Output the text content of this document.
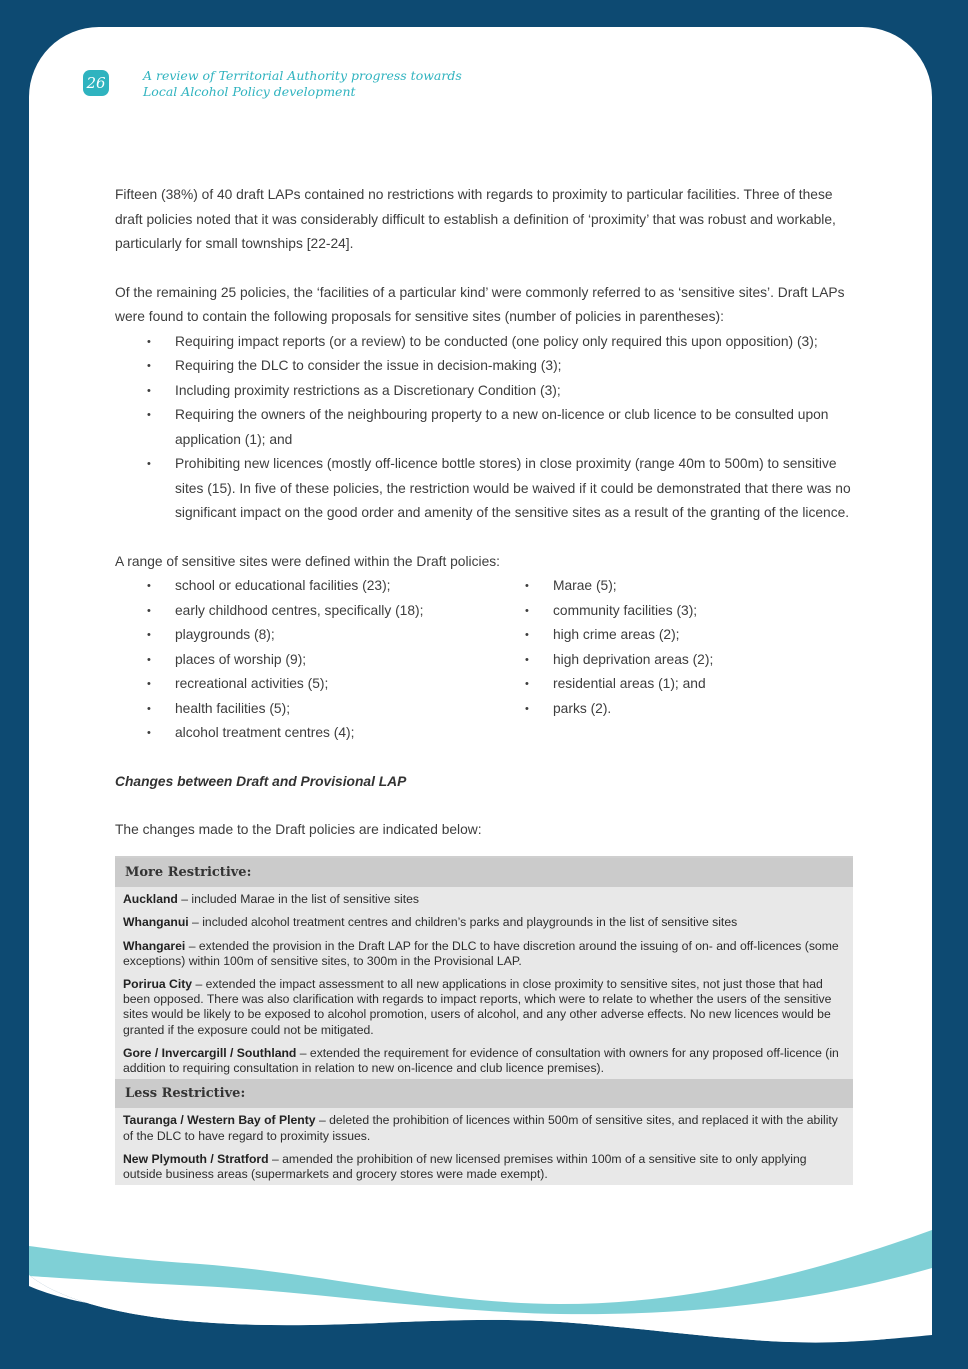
26	A review of Territorial Authority progress towards
Local Alcohol Policy development

Fifteen (38%) of 40 draft LAPs contained no restrictions with regards to proximity to particular facilities. Three of these draft policies noted that it was considerably difficult to establish a definition of ‘proximity’ that was robust and workable, particularly for small townships [22-24].

Of the remaining 25 policies, the ‘facilities of a particular kind’ were commonly referred to as ‘sensitive sites’. Draft LAPs were found to contain the following proposals for sensitive sites (number of policies in parentheses):

• Requiring impact reports (or a review) to be conducted (one policy only required this upon opposition) (3);
• Requiring the DLC to consider the issue in decision-making (3);
• Including proximity restrictions as a Discretionary Condition (3);
• Requiring the owners of the neighbouring property to a new on-licence or club licence to be consulted upon application (1); and
• Prohibiting new licences (mostly off-licence bottle stores) in close proximity (range 40m to 500m) to sensitive sites (15). In five of these policies, the restriction would be waived if it could be demonstrated that there was no significant impact on the good order and amenity of the sensitive sites as a result of the granting of the licence.

A range of sensitive sites were defined within the Draft policies:

• school or educational facilities (23);
• early childhood centres, specifically (18);
• playgrounds (8);
• places of worship (9);
• recreational activities (5);
• health facilities (5);
• alcohol treatment centres (4);
• Marae (5);
• community facilities (3);
• high crime areas (2);
• high deprivation areas (2);
• residential areas (1); and
• parks (2).

Changes between Draft and Provisional LAP

The changes made to the Draft policies are indicated below:

More Restrictive:
Auckland – included Marae in the list of sensitive sites
Whanganui – included alcohol treatment centres and children’s parks and playgrounds in the list of sensitive sites
Whangarei – extended the provision in the Draft LAP for the DLC to have discretion around the issuing of on- and off-licences (some exceptions) within 100m of sensitive sites, to 300m in the Provisional LAP.
Porirua City – extended the impact assessment to all new applications in close proximity to sensitive sites, not just those that had been opposed. There was also clarification with regards to impact reports, which were to relate to whether the users of the sensitive sites would be likely to be exposed to alcohol promotion, users of alcohol, and any other adverse effects. No new licences would be granted if the exposure could not be mitigated.
Gore / Invercargill / Southland – extended the requirement for evidence of consultation with owners for any proposed off-licence (in addition to requiring consultation in relation to new on-licence and club licence premises).
Less Restrictive:
Tauranga / Western Bay of Plenty – deleted the prohibition of licences within 500m of sensitive sites, and replaced it with the ability of the DLC to have regard to proximity issues.
New Plymouth / Stratford – amended the prohibition of new licensed premises within 100m of a sensitive site to only applying outside business areas (supermarkets and grocery stores were made exempt).
